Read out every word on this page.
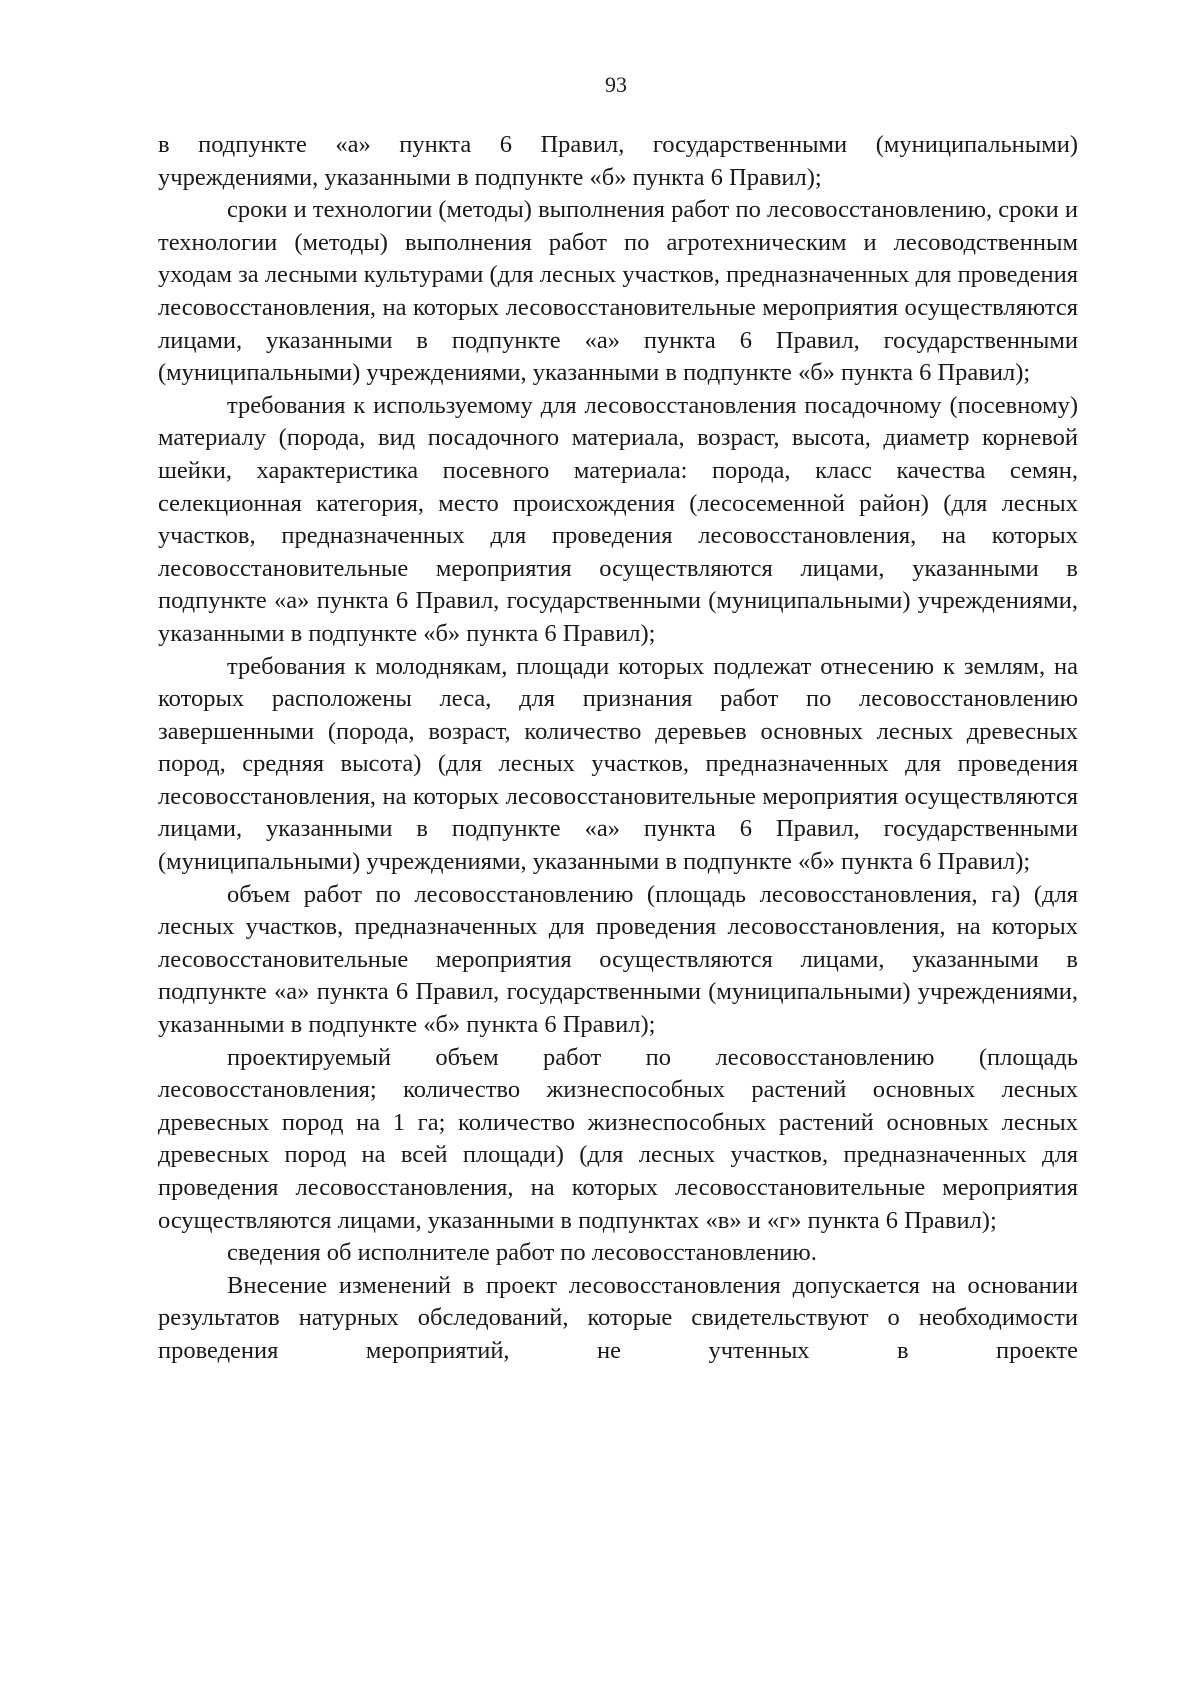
93

в подпункте «а» пункта 6 Правил, государственными (муниципальными) учреждениями, указанными в подпункте «б» пункта 6 Правил);

сроки и технологии (методы) выполнения работ по лесовосстановлению, сроки и технологии (методы) выполнения работ по агротехническим и лесоводственным уходам за лесными культурами (для лесных участков, предназначенных для проведения лесовосстановления, на которых лесовосстановительные мероприятия осуществляются лицами, указанными в подпункте «а» пункта 6 Правил, государственными (муниципальными) учреждениями, указанными в подпункте «б» пункта 6 Правил);

требования к используемому для лесовосстановления посадочному (посевному) материалу (порода, вид посадочного материала, возраст, высота, диаметр корневой шейки, характеристика посевного материала: порода, класс качества семян, селекционная категория, место происхождения (лесосеменной район) (для лесных участков, предназначенных для проведения лесовосстановления, на которых лесовосстановительные мероприятия осуществляются лицами, указанными в подпункте «а» пункта 6 Правил, государственными (муниципальными) учреждениями, указанными в подпункте «б» пункта 6 Правил);

требования к молоднякам, площади которых подлежат отнесению к землям, на которых расположены леса, для признания работ по лесовосстановлению завершенными (порода, возраст, количество деревьев основных лесных древесных пород, средняя высота) (для лесных участков, предназначенных для проведения лесовосстановления, на которых лесовосстановительные мероприятия осуществляются лицами, указанными в подпункте «а» пункта 6 Правил, государственными (муниципальными) учреждениями, указанными в подпункте «б» пункта 6 Правил);

объем работ по лесовосстановлению (площадь лесовосстановления, га) (для лесных участков, предназначенных для проведения лесовосстановления, на которых лесовосстановительные мероприятия осуществляются лицами, указанными в подпункте «а» пункта 6 Правил, государственными (муниципальными) учреждениями, указанными в подпункте «б» пункта 6 Правил);

проектируемый объем работ по лесовосстановлению (площадь лесовосстановления; количество жизнеспособных растений основных лесных древесных пород на 1 га; количество жизнеспособных растений основных лесных древесных пород на всей площади) (для лесных участков, предназначенных для проведения лесовосстановления, на которых лесовосстановительные мероприятия осуществляются лицами, указанными в подпунктах «в» и «г» пункта 6 Правил);

сведения об исполнителе работ по лесовосстановлению.

Внесение изменений в проект лесовосстановления допускается на основании результатов натурных обследований, которые свидетельствуют о необходимости проведения мероприятий, не учтенных в проекте
